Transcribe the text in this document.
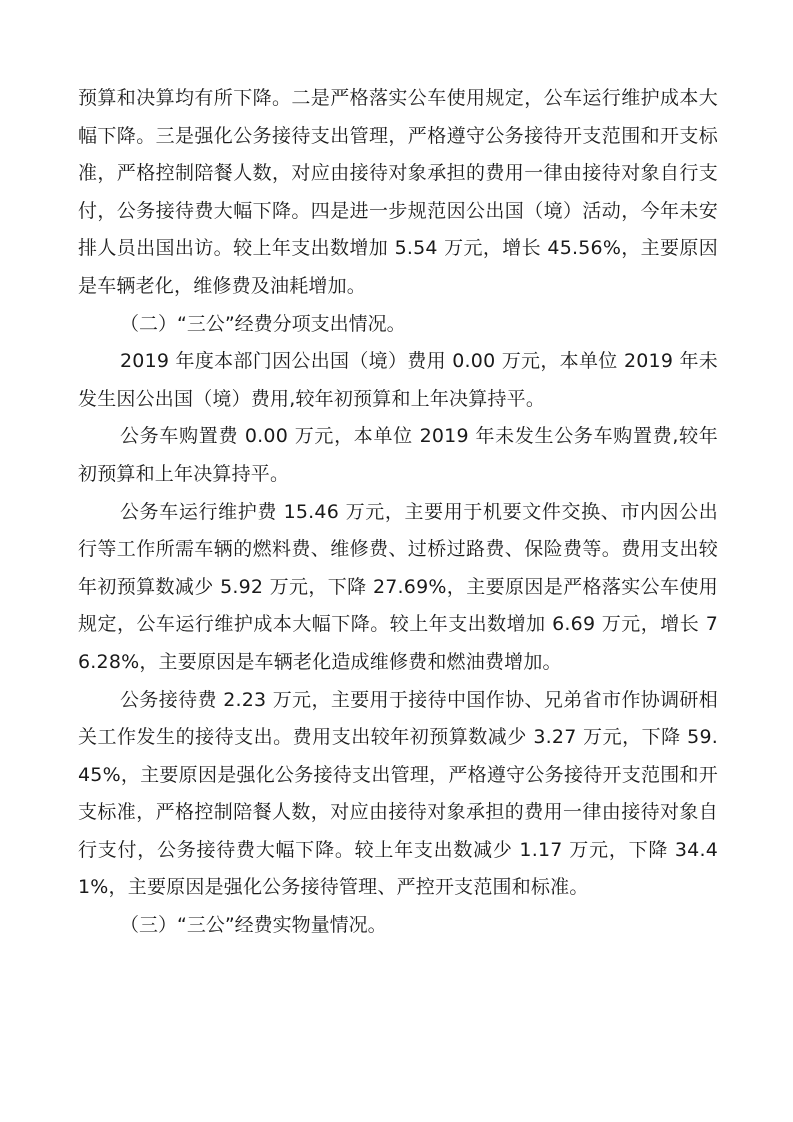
预算和决算均有所下降。二是严格落实公车使用规定，公车运行维护成本大幅下降。三是强化公务接待支出管理，严格遵守公务接待开支范围和开支标准，严格控制陪餐人数，对应由接待对象承担的费用一律由接待对象自行支付，公务接待费大幅下降。四是进一步规范因公出国（境）活动，今年未安排人员出国出访。较上年支出数增加 5.54 万元，增长 45.56%，主要原因是车辆老化，维修费及油耗增加。

（二）“三公”经费分项支出情况。

2019 年度本部门因公出国（境）费用 0.00 万元，本单位 2019 年未发生因公出国（境）费用,较年初预算和上年决算持平。

公务车购置费 0.00 万元，本单位 2019 年未发生公务车购置费,较年初预算和上年决算持平。

公务车运行维护费 15.46 万元，主要用于机要文件交换、市内因公出行等工作所需车辆的燃料费、维修费、过桥过路费、保险费等。费用支出较年初预算数减少 5.92 万元，下降 27.69%，主要原因是严格落实公车使用规定，公车运行维护成本大幅下降。较上年支出数增加 6.69 万元，增长 76.28%，主要原因是车辆老化造成维修费和燃油费增加。

公务接待费 2.23 万元，主要用于接待中国作协、兄弟省市作协调研相关工作发生的接待支出。费用支出较年初预算数减少 3.27 万元，下降 59.45%，主要原因是强化公务接待支出管理，严格遵守公务接待开支范围和开支标准，严格控制陪餐人数，对应由接待对象承担的费用一律由接待对象自行支付，公务接待费大幅下降。较上年支出数减少 1.17 万元，下降 34.41%，主要原因是强化公务接待管理、严控开支范围和标准。

（三）“三公”经费实物量情况。
